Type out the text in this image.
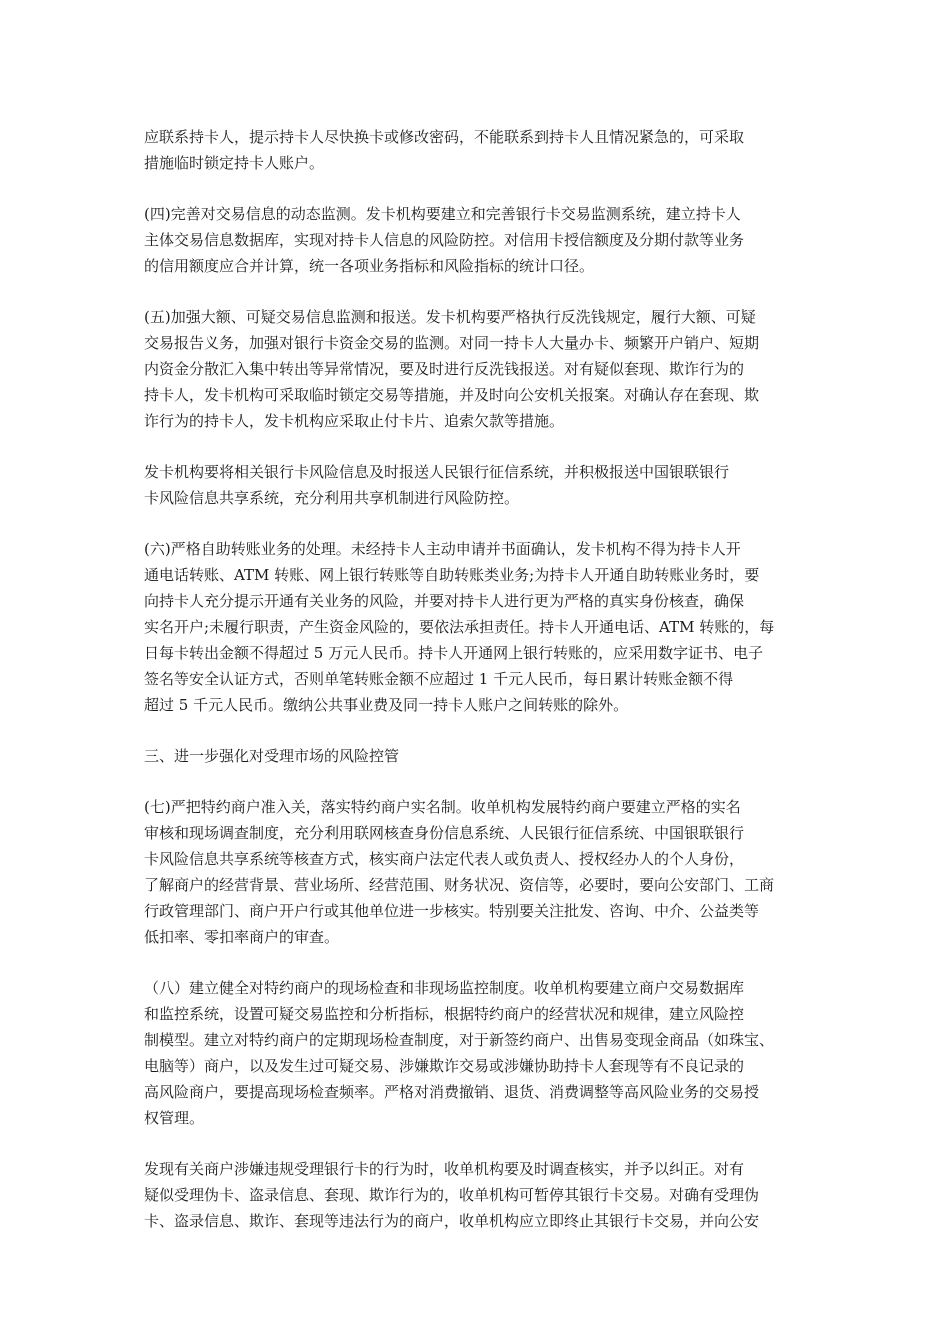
应联系持卡人，提示持卡人尽快换卡或修改密码，不能联系到持卡人且情况紧急的，可采取
措施临时锁定持卡人账户。
(四)完善对交易信息的动态监测。发卡机构要建立和完善银行卡交易监测系统，建立持卡人
主体交易信息数据库，实现对持卡人信息的风险防控。对信用卡授信额度及分期付款等业务
的信用额度应合并计算，统一各项业务指标和风险指标的统计口径。
(五)加强大额、可疑交易信息监测和报送。发卡机构要严格执行反洗钱规定，履行大额、可疑
交易报告义务，加强对银行卡资金交易的监测。对同一持卡人大量办卡、频繁开户销户、短期
内资金分散汇入集中转出等异常情况，要及时进行反洗钱报送。对有疑似套现、欺诈行为的
持卡人，发卡机构可采取临时锁定交易等措施，并及时向公安机关报案。对确认存在套现、欺
诈行为的持卡人，发卡机构应采取止付卡片、追索欠款等措施。
发卡机构要将相关银行卡风险信息及时报送人民银行征信系统，并积极报送中国银联银行
卡风险信息共享系统，充分利用共享机制进行风险防控。
(六)严格自助转账业务的处理。未经持卡人主动申请并书面确认，发卡机构不得为持卡人开
通电话转账、ATM 转账、网上银行转账等自助转账类业务;为持卡人开通自助转账业务时，要
向持卡人充分提示开通有关业务的风险，并要对持卡人进行更为严格的真实身份核查，确保
实名开户;未履行职责，产生资金风险的，要依法承担责任。持卡人开通电话、ATM 转账的，每
日每卡转出金额不得超过 5 万元人民币。持卡人开通网上银行转账的，应采用数字证书、电子
签名等安全认证方式，否则单笔转账金额不应超过 1 千元人民币，每日累计转账金额不得
超过 5 千元人民币。缴纳公共事业费及同一持卡人账户之间转账的除外。
三、进一步强化对受理市场的风险控管
(七)严把特约商户准入关，落实特约商户实名制。收单机构发展特约商户要建立严格的实名
审核和现场调查制度，充分利用联网核查身份信息系统、人民银行征信系统、中国银联银行
卡风险信息共享系统等核查方式，核实商户法定代表人或负责人、授权经办人的个人身份，
了解商户的经营背景、营业场所、经营范围、财务状况、资信等，必要时，要向公安部门、工商
行政管理部门、商户开户行或其他单位进一步核实。特别要关注批发、咨询、中介、公益类等
低扣率、零扣率商户的审查。
（八）建立健全对特约商户的现场检查和非现场监控制度。收单机构要建立商户交易数据库
和监控系统，设置可疑交易监控和分析指标，根据特约商户的经营状况和规律，建立风险控
制模型。建立对特约商户的定期现场检查制度，对于新签约商户、出售易变现金商品（如珠宝、
电脑等）商户，以及发生过可疑交易、涉嫌欺诈交易或涉嫌协助持卡人套现等有不良记录的
高风险商户，要提高现场检查频率。严格对消费撤销、退货、消费调整等高风险业务的交易授
权管理。
发现有关商户涉嫌违规受理银行卡的行为时，收单机构要及时调查核实，并予以纠正。对有
疑似受理伪卡、盗录信息、套现、欺诈行为的，收单机构可暂停其银行卡交易。对确有受理伪
卡、盗录信息、欺诈、套现等违法行为的商户，收单机构应立即终止其银行卡交易，并向公安
